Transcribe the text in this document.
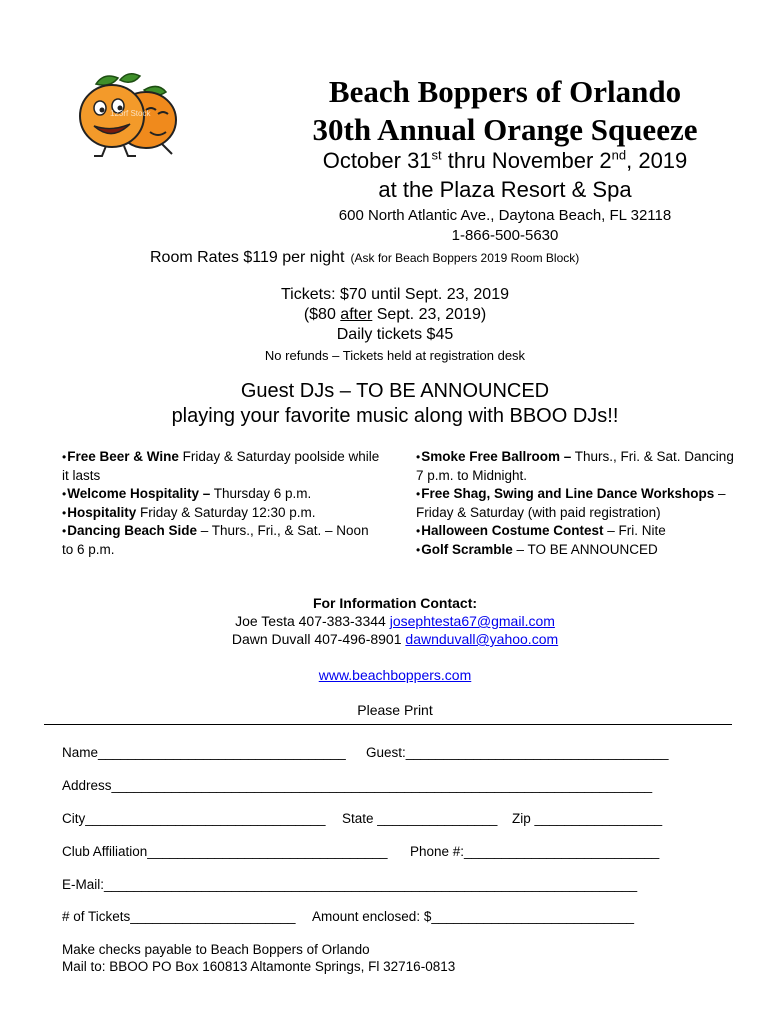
123rf Stock
Beach Boppers of Orlando
30th Annual Orange Squeeze
October 31st thru November 2nd, 2019
at the Plaza Resort & Spa
600 North Atlantic Ave., Daytona Beach, FL 32118
1-866-500-5630
Room Rates $119 per night (Ask for Beach Boppers 2019 Room Block)
Tickets: $70 until Sept. 23, 2019
($80 after Sept. 23, 2019)
Daily tickets $45
No refunds – Tickets held at registration desk
Guest DJs – TO BE ANNOUNCED
playing your favorite music along with BBOO DJs!!
•Free Beer & Wine Friday & Saturday poolside while it lasts
•Welcome Hospitality – Thursday 6 p.m.
•Hospitality Friday & Saturday 12:30 p.m.
•Dancing Beach Side – Thurs., Fri., & Sat. – Noon to 6 p.m.
•Smoke Free Ballroom – Thurs., Fri. & Sat. Dancing 7 p.m. to Midnight.
•Free Shag, Swing and Line Dance Workshops – Friday & Saturday (with paid registration)
•Halloween Costume Contest – Fri. Nite
•Golf Scramble – TO BE ANNOUNCED
For Information Contact:
Joe Testa 407-383-3344 josephtesta67@gmail.com
Dawn Duvall 407-496-8901 dawnduvall@yahoo.com
www.beachboppers.com
Please Print
Name_________________________________ Guest:___________________________________
Address________________________________________________________________________
City________________________________ State ________________ Zip _________________
Club Affiliation________________________________ Phone #:__________________________
E-Mail:_______________________________________________________________________
# of Tickets______________________ Amount enclosed: $___________________________
Make checks payable to Beach Boppers of Orlando
Mail to: BBOO PO Box 160813 Altamonte Springs, Fl 32716-0813
